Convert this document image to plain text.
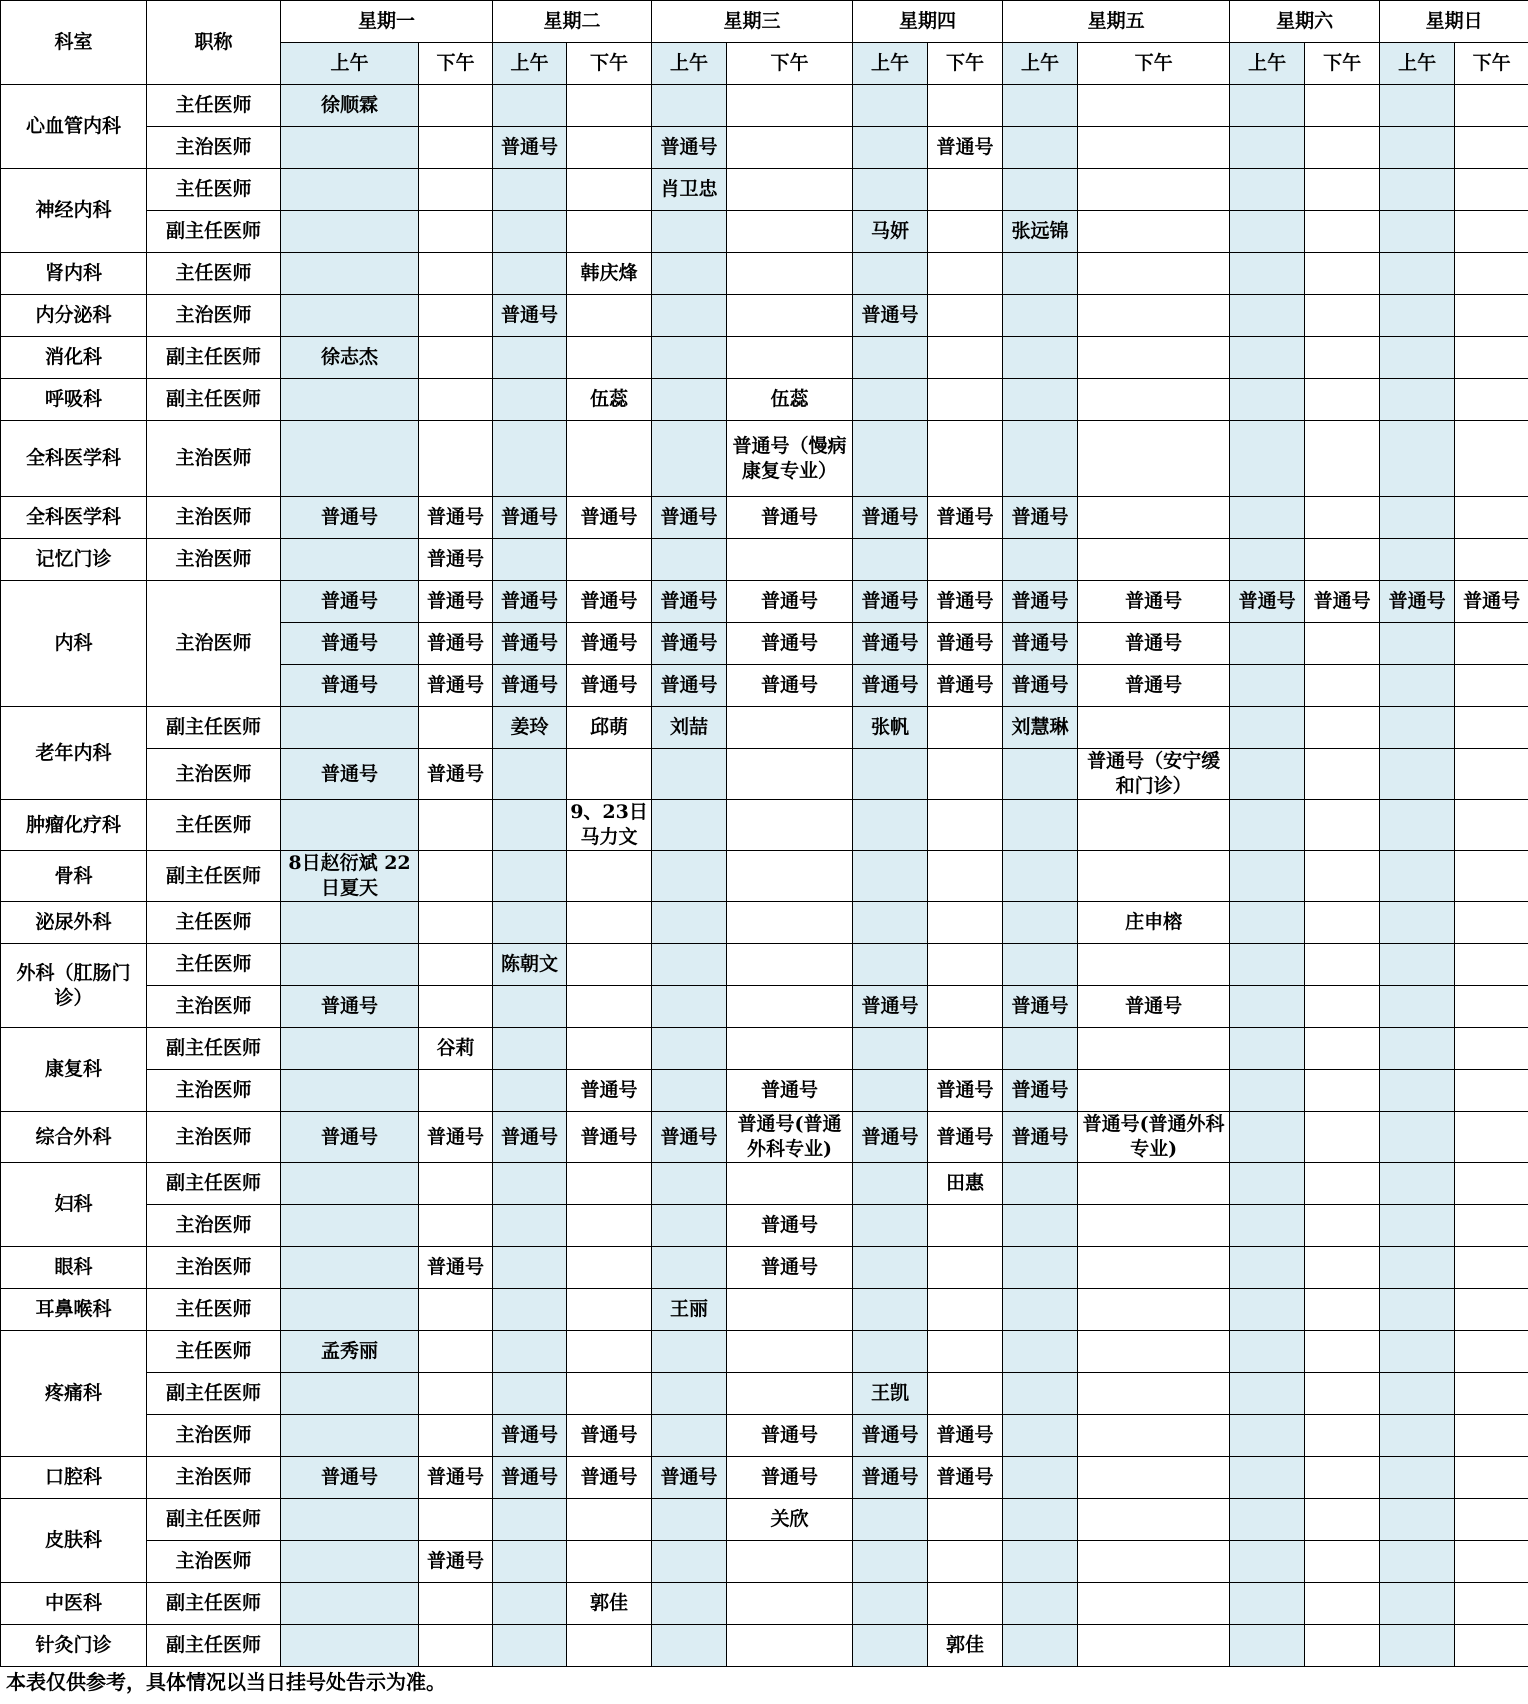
科室	职称	星期一		星期二		星期三		星期四		星期五		星期六		星期日	
		上午	下午	上午	下午	上午	下午	上午	下午	上午	下午	上午	下午	上午	下午
心血管内科	主任医师	徐顺霖													
	主治医师			普通号		普通号			普通号						
神经内科	主任医师					肖卫忠									
	副主任医师							马妍		张远锦					
肾内科	主任医师				韩庆烽										
内分泌科	主治医师			普通号				普通号							
消化科	副主任医师	徐志杰													
呼吸科	副主任医师				伍蕊		伍蕊								
全科医学科	主治医师						普通号（慢病康复专业）								
全科医学科	主治医师	普通号	普通号	普通号	普通号	普通号	普通号	普通号	普通号	普通号					
记忆门诊	主治医师		普通号												
内科	主治医师	普通号	普通号	普通号	普通号	普通号	普通号	普通号	普通号	普通号	普通号	普通号	普通号	普通号	普通号
		普通号	普通号	普通号	普通号	普通号	普通号	普通号	普通号	普通号	普通号				
		普通号	普通号	普通号	普通号	普通号	普通号	普通号	普通号	普通号	普通号				
老年内科	副主任医师			姜玲	邱萌	刘喆		张帆		刘慧琳					
	主治医师	普通号	普通号								普通号（安宁缓和门诊）				
肿瘤化疗科	主任医师				9、23日马力文										
骨科	副主任医师	8日赵衍斌 22日夏天													
泌尿外科	主任医师										庄申榕				
外科（肛肠门诊）	主任医师			陈朝文											
	主治医师	普通号						普通号		普通号	普通号				
康复科	副主任医师		谷莉												
	主治医师				普通号		普通号		普通号	普通号					
综合外科	主治医师	普通号	普通号	普通号	普通号	普通号	普通号(普通外科专业)	普通号	普通号	普通号	普通号(普通外科专业)				
妇科	副主任医师								田惠						
	主治医师						普通号								
眼科	主治医师		普通号				普通号								
耳鼻喉科	主任医师					王丽									
疼痛科	主任医师	孟秀丽													
	副主任医师							王凯							
	主治医师			普通号	普通号		普通号	普通号	普通号						
口腔科	主治医师	普通号	普通号	普通号	普通号	普通号	普通号	普通号	普通号						
皮肤科	副主任医师						关欣								
	主治医师		普通号												
中医科	副主任医师				郭佳										
针灸门诊	副主任医师								郭佳						
本表仅供参考，具体情况以当日挂号处告示为准。
